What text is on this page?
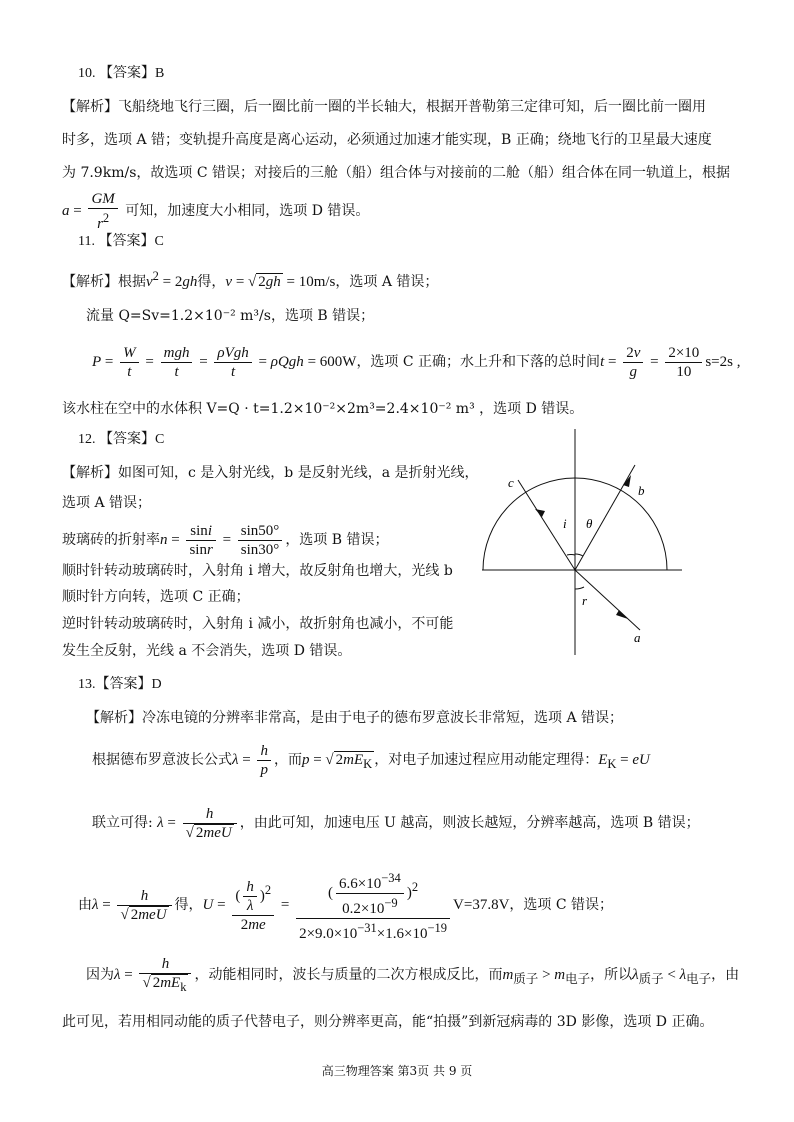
10. 【答案】B
【解析】飞船绕地飞行三圈，后一圈比前一圈的半长轴大，根据开普勒第三定律可知，后一圈比前一圈用
时多，选项 A 错；变轨提升高度是离心运动，必须通过加速才能实现，B 正确；绕地飞行的卫星最大速度
为 7.9km/s，故选项 C 错误；对接后的三舱（船）组合体与对接前的二舱（船）组合体在同一轨道上，根据
$a = \frac{GM}{r^2}$ 可知，加速度大小相同，选项 D 错误。
11. 【答案】C
【解析】根据$v^2 = 2gh$得，v = √ 2gh = 10m/s，选项 A 错误；
流量 Q=Sv=1.2×10⁻² m³/s，选项 B 错误；
$P = \frac{W}{t} = \frac{\text{mgh}}{t} = \frac{\text{ρVgh}}{t} = \rho Qgh = 600W$，选项 C 正确；水上升和下落的总时间$t = \frac{2v}{g} = \frac{2\times 10}{10} s=2s$ ,
该水柱在空中的水体积 V=Q · t=1.2×10⁻²×2m³=2.4×10⁻² m³ ，选项 D 错误。
12. 【答案】C
【解析】如图可知，c 是入射光线，b 是反射光线，a 是折射光线，
选项 A 错误；
玻璃砖的折射率$n = \frac{\sin i}{\sin r} = \frac{\sin 50^\circ}{\sin 30^\circ}$ ，选项 B 错误；
顺时针转动玻璃砖时，入射角 i 增大，故反射角也增大，光线 b
顺时针方向转，选项 C 正确；
逆时针转动玻璃砖时，入射角 i 减小，故折射角也减小，不可能
发生全反射，光线 a 不会消失，选项 D 错误。
c
b
i θ
r
a
13.【答案】D
【解析】冷冻电镜的分辨率非常高，是由于电子的德布罗意波长非常短，选项 A 错误；
根据德布罗意波长公式$\lambda = \frac{h}{p}$ ，而p = √ $2mE_K$ ，对电子加速过程应用动能定理得：$E_K$ = eU
联立可得: $\lambda = \frac{h}{\text{√ 2meU}}$ ，由此可知，加速电压 U 越高，则波长越短，分辨率越高，选项 B 错误；
由$\lambda = \frac{h}{\text{√ 2meU}}$ 得，$U = \frac{( \frac{h}{\lambda} )^2}{2me} = \frac{( \frac{6.6\times 10^{-34}}{0.2\times 10^{-9}} )^2}{2\times 9.0\times 10^{-31}\times 1.6\times 10^{-19}} V=37.8V$，选项 C 错误；
因为$\lambda = \frac{h}{√ 2mE_k}$ ，动能相同时，波长与质量的二次方根成反比，而$m_{质子} > m_{电子}$，所以$\lambda_{质子} < \lambda_{电子}$，由
此可见，若用相同动能的质子代替电子，则分辨率更高，能“拍摄”到新冠病毒的 3D 影像，选项 D 正确。
高三物理答案 第3页 共 9 页
